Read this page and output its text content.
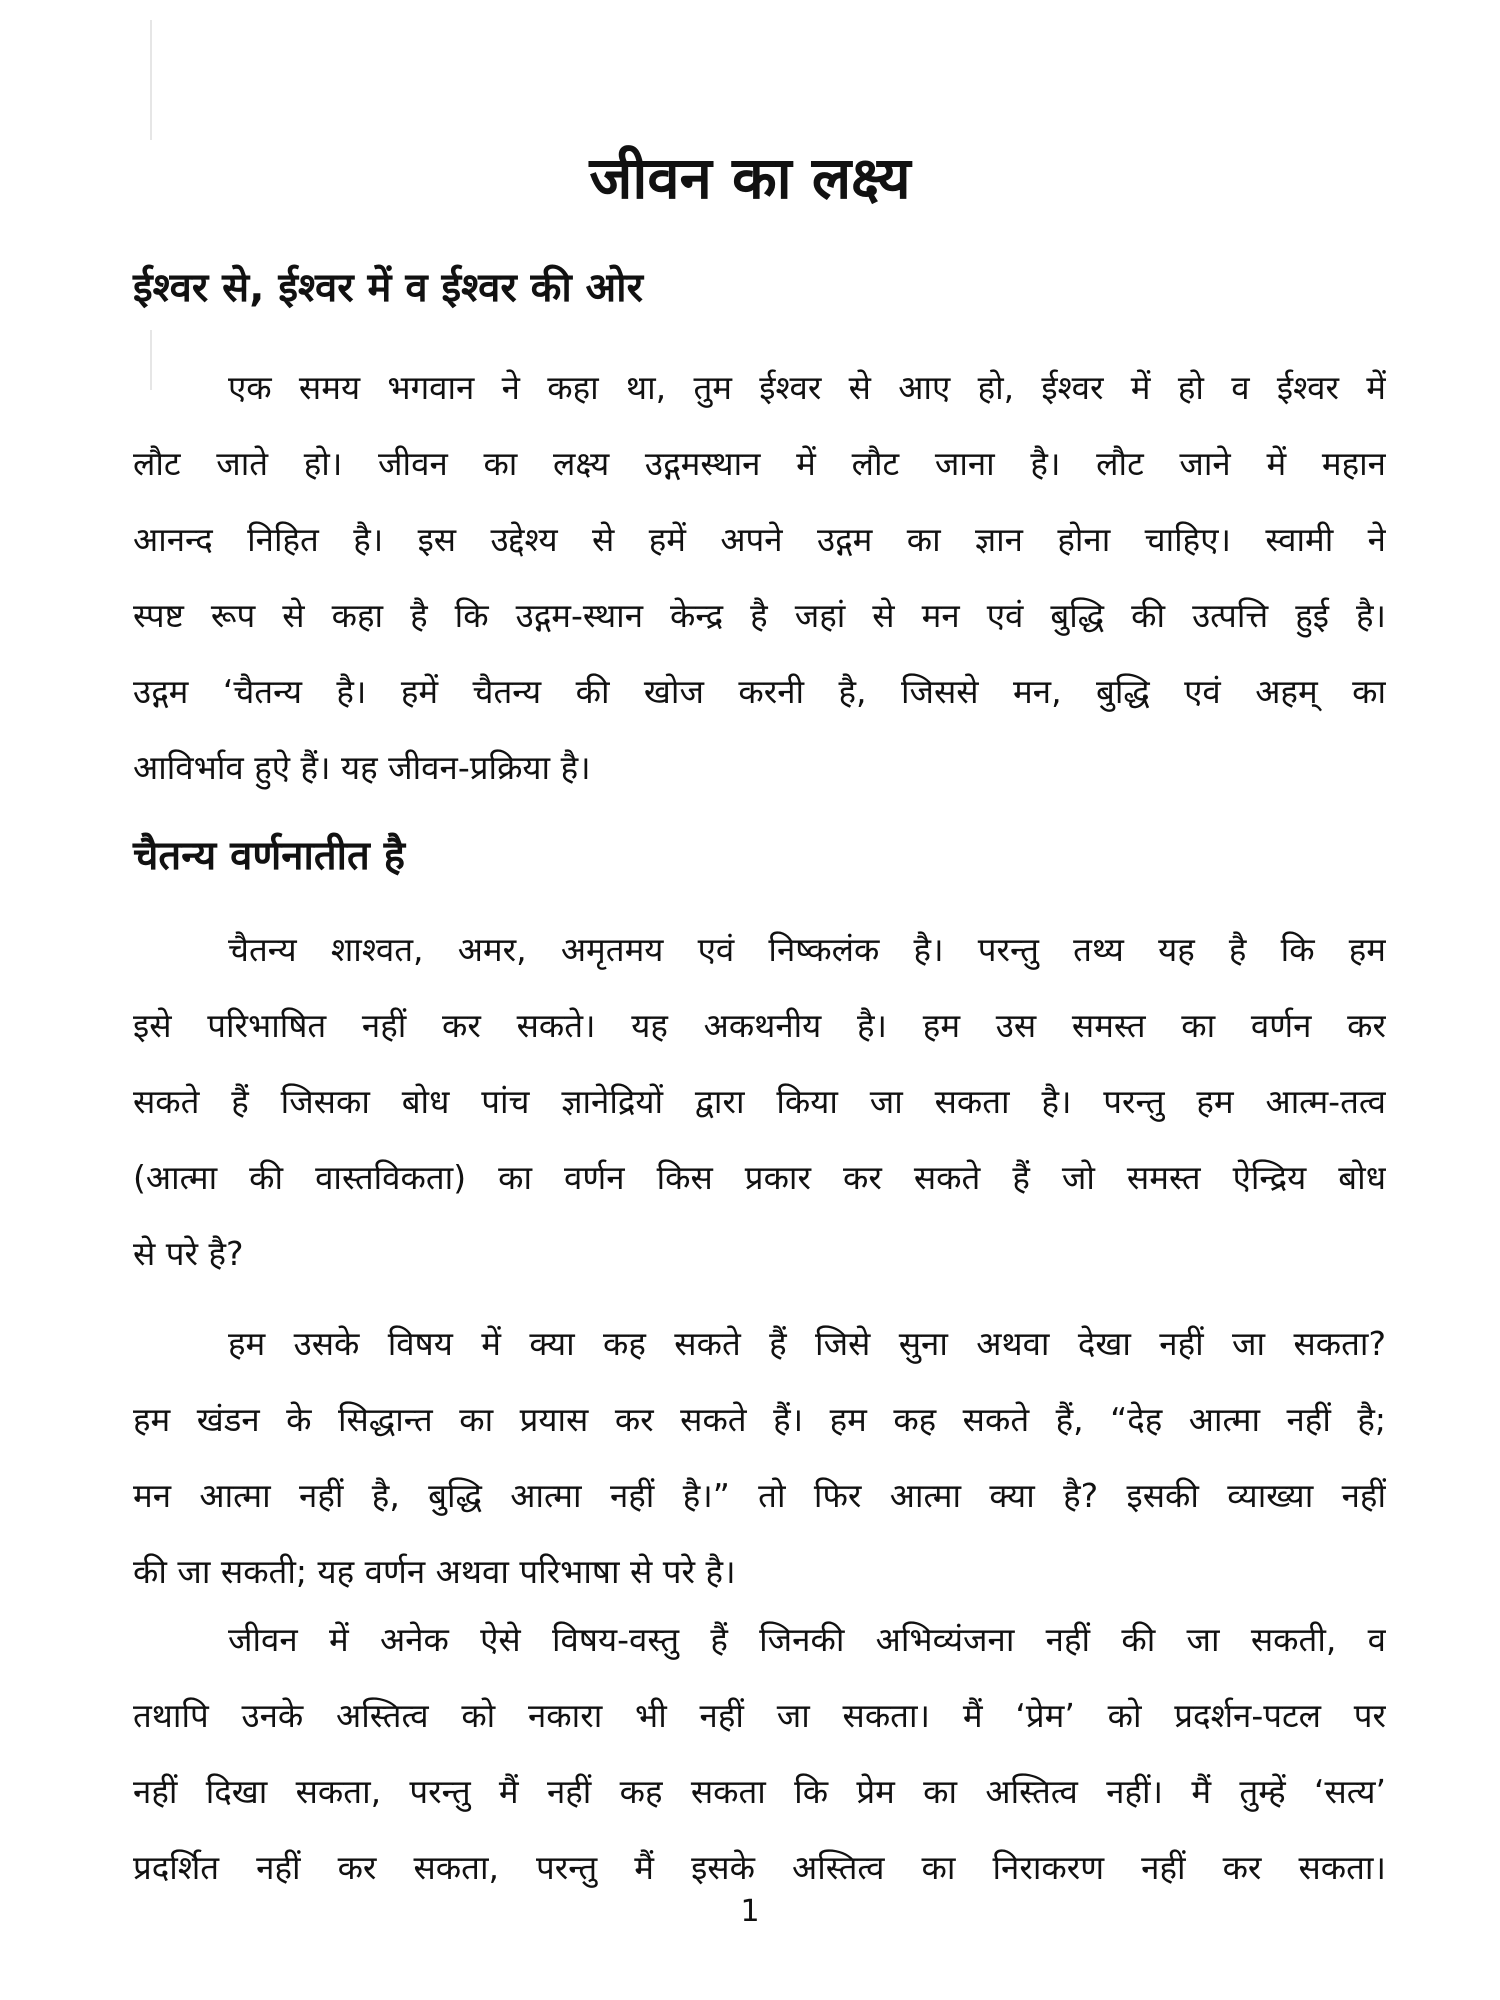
जीवन का लक्ष्य
ईश्वर से, ईश्वर में व ईश्वर की ओर
एक समय भगवान ने कहा था, तुम ईश्वर से आए हो, ईश्वर में हो व ईश्वर में
लौट जाते हो। जीवन का लक्ष्य उद्गमस्थान में लौट जाना है। लौट जाने में महान
आनन्द निहित है। इस उद्देश्य से हमें अपने उद्गम का ज्ञान होना चाहिए। स्वामी ने
स्पष्ट रूप से कहा है कि उद्गम-स्थान केन्द्र है जहां से मन एवं बुद्धि की उत्पत्ति हुई है।
उद्गम ‘चैतन्य है। हमें चैतन्य की खोज करनी है, जिससे मन, बुद्धि एवं अहम् का
आविर्भाव हुऐ हैं। यह जीवन-प्रक्रिया है।
चैतन्य वर्णनातीत है
चैतन्य शाश्वत, अमर, अमृतमय एवं निष्कलंक है। परन्तु तथ्य यह है कि हम
इसे परिभाषित नहीं कर सकते। यह अकथनीय है। हम उस समस्त का वर्णन कर
सकते हैं जिसका बोध पांच ज्ञानेद्रियों द्वारा किया जा सकता है। परन्तु हम आत्म-तत्व
(आत्मा की वास्तविकता) का वर्णन किस प्रकार कर सकते हैं जो समस्त ऐन्द्रिय बोध
से परे है?
हम उसके विषय में क्या कह सकते हैं जिसे सुना अथवा देखा नहीं जा सकता?
हम खंडन के सिद्धान्त का प्रयास कर सकते हैं। हम कह सकते हैं, “देह आत्मा नहीं है;
मन आत्मा नहीं है, बुद्धि आत्मा नहीं है।” तो फिर आत्मा क्या है? इसकी व्याख्या नहीं
की जा सकती; यह वर्णन अथवा परिभाषा से परे है।
जीवन में अनेक ऐसे विषय-वस्तु हैं जिनकी अभिव्यंजना नहीं की जा सकती, व
तथापि उनके अस्तित्व को नकारा भी नहीं जा सकता। मैं ‘प्रेम’ को प्रदर्शन-पटल पर
नहीं दिखा सकता, परन्तु मैं नहीं कह सकता कि प्रेम का अस्तित्व नहीं। मैं तुम्हें ‘सत्य’
प्रदर्शित नहीं कर सकता, परन्तु मैं इसके अस्तित्व का निराकरण नहीं कर सकता।
1
